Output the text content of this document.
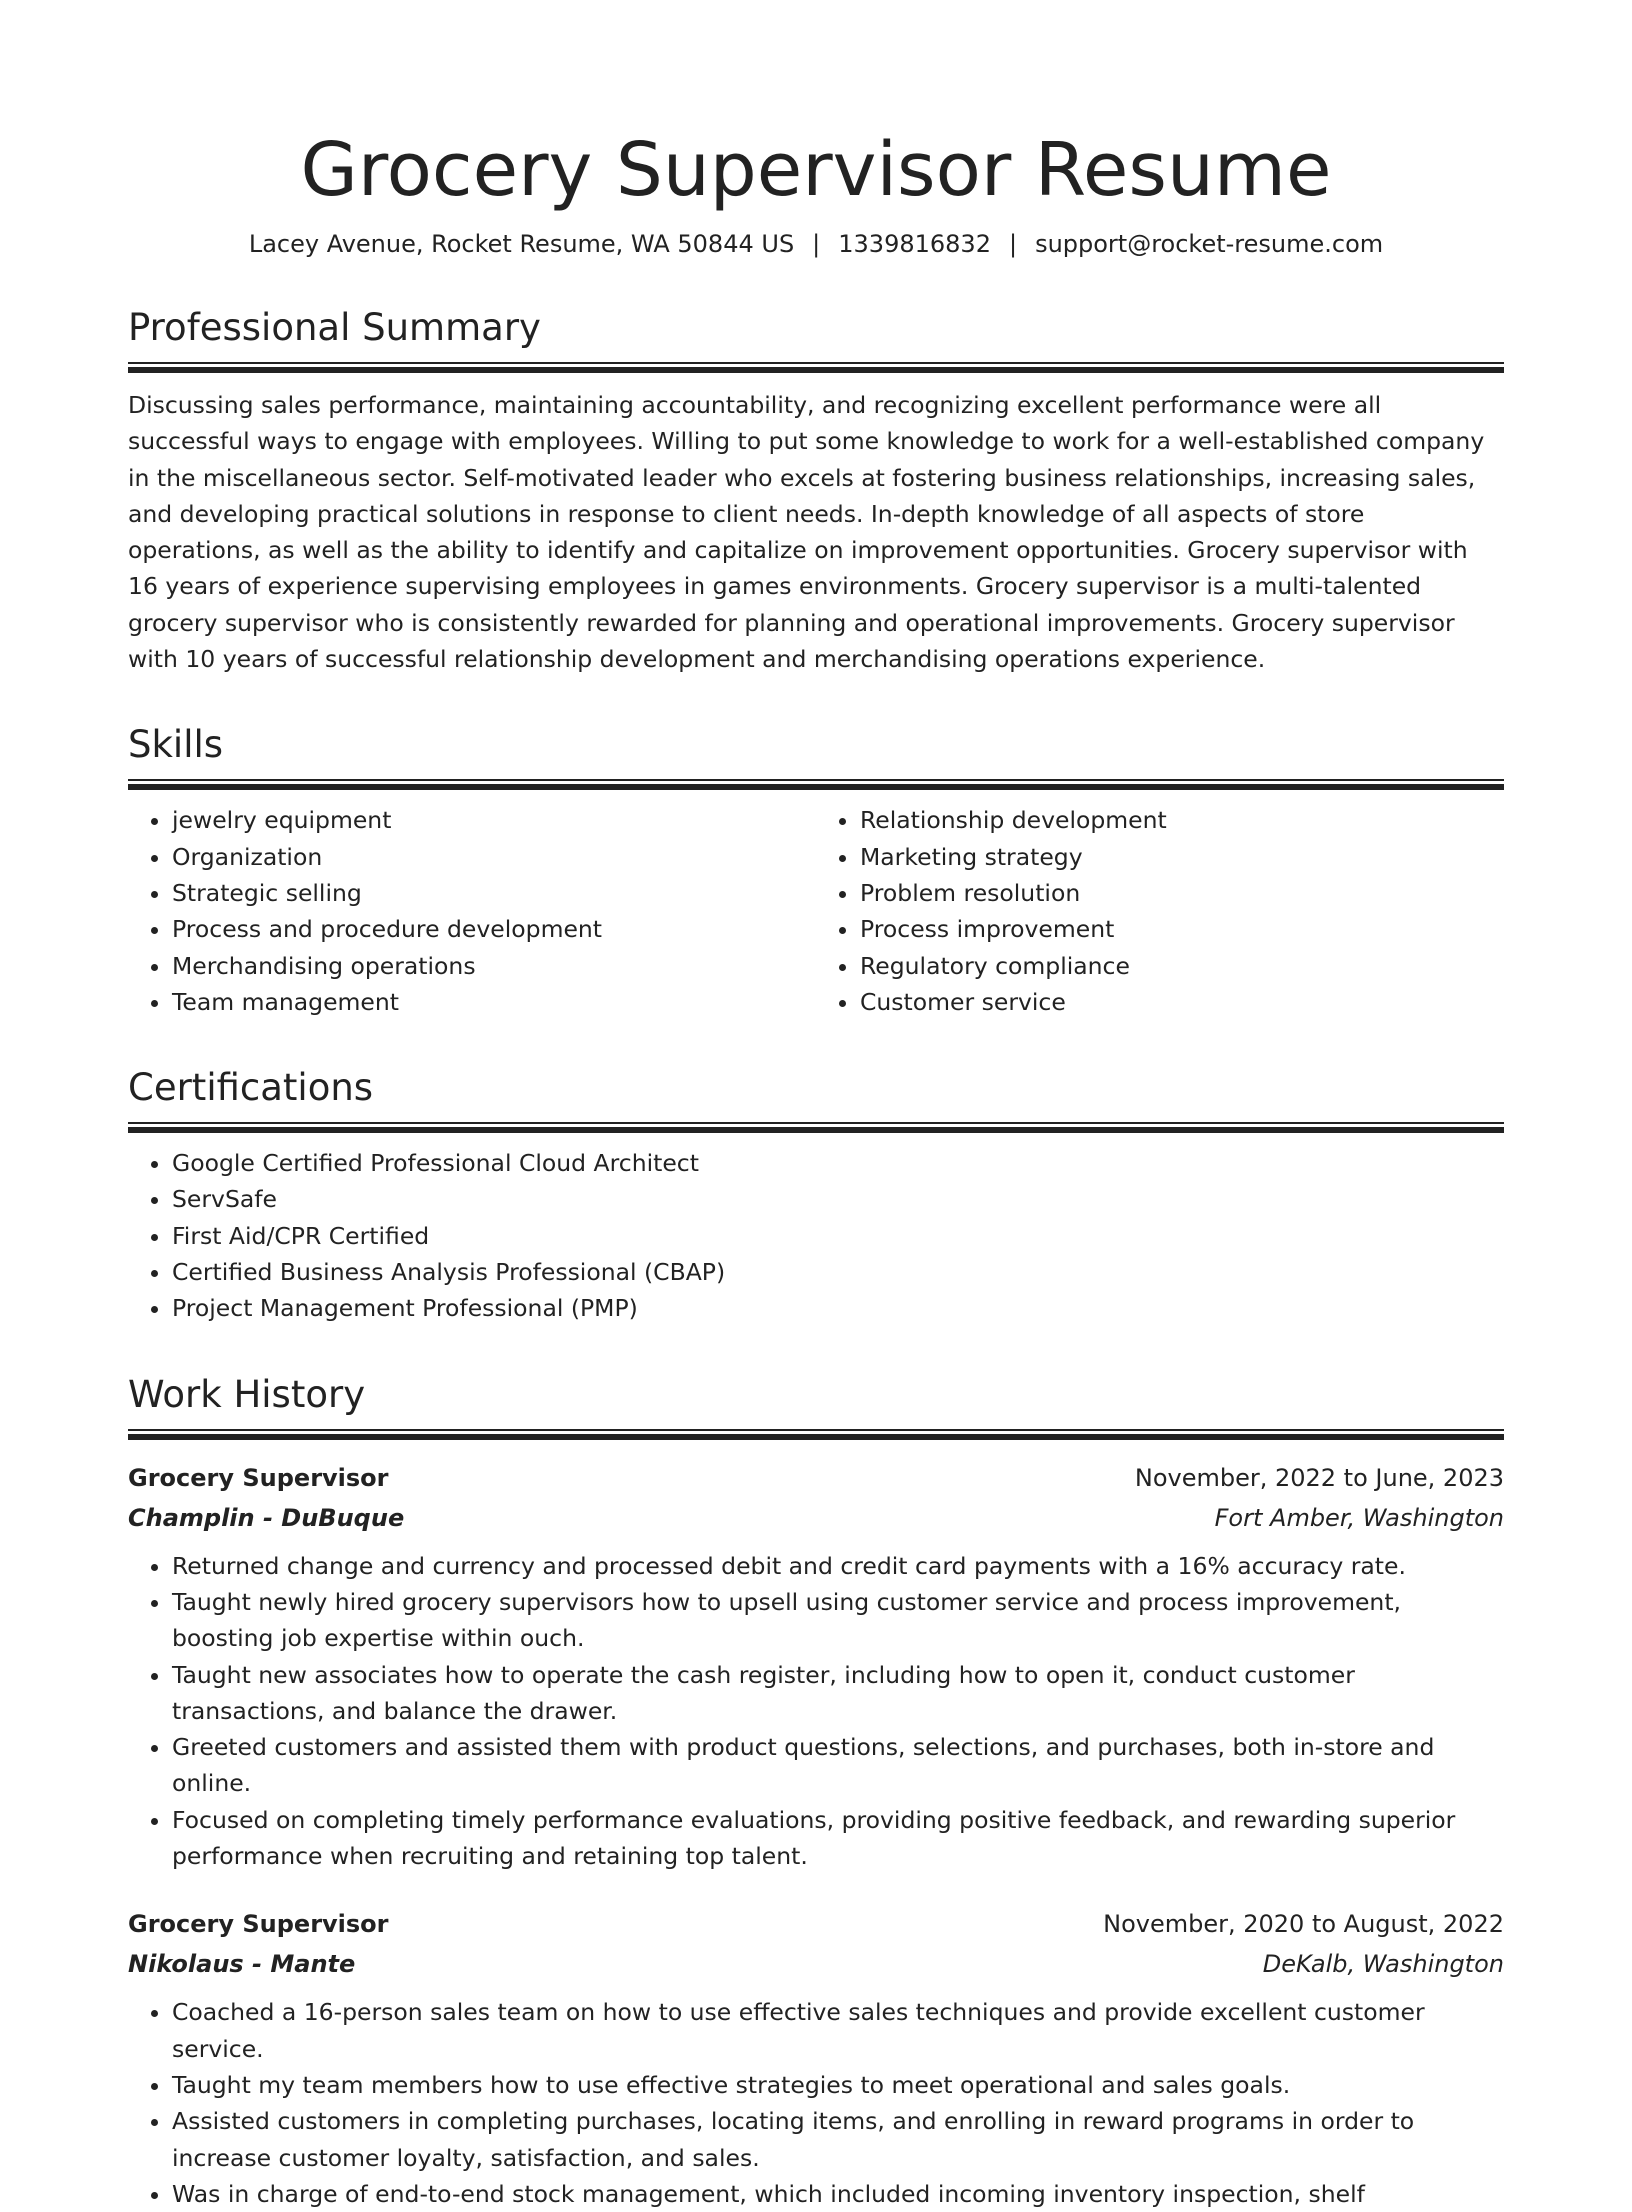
Grocery Supervisor Resume
Lacey Avenue, Rocket Resume, WA 50844 US | 1339816832 | support@rocket-resume.com
Professional Summary

Discussing sales performance, maintaining accountability, and recognizing excellent performance were all successful ways to engage with employees. Willing to put some knowledge to work for a well-established company in the miscellaneous sector. Self-motivated leader who excels at fostering business relationships, increasing sales, and developing practical solutions in response to client needs. In-depth knowledge of all aspects of store operations, as well as the ability to identify and capitalize on improvement opportunities. Grocery supervisor with 16 years of experience supervising employees in games environments. Grocery supervisor is a multi-talented grocery supervisor who is consistently rewarded for planning and operational improvements. Grocery supervisor with 10 years of successful relationship development and merchandising operations experience.

Skills
• jewelry equipment
• Organization
• Strategic selling
• Process and procedure development
• Merchandising operations
• Team management
• Relationship development
• Marketing strategy
• Problem resolution
• Process improvement
• Regulatory compliance
• Customer service
Certifications
• Google Certified Professional Cloud Architect
• ServSafe
• First Aid/CPR Certified
• Certified Business Analysis Professional (CBAP)
• Project Management Professional (PMP)
Work History
Grocery Supervisor	November, 2022 to June, 2023
Champlin - DuBuque	Fort Amber, Washington
• Returned change and currency and processed debit and credit card payments with a 16% accuracy rate.
• Taught newly hired grocery supervisors how to upsell using customer service and process improvement, boosting job expertise within ouch.
• Taught new associates how to operate the cash register, including how to open it, conduct customer transactions, and balance the drawer.
• Greeted customers and assisted them with product questions, selections, and purchases, both in-store and online.
• Focused on completing timely performance evaluations, providing positive feedback, and rewarding superior performance when recruiting and retaining top talent.
Grocery Supervisor	November, 2020 to August, 2022
Nikolaus - Mante	DeKalb, Washington
• Coached a 16-person sales team on how to use effective sales techniques and provide excellent customer service.
• Taught my team members how to use effective strategies to meet operational and sales goals.
• Assisted customers in completing purchases, locating items, and enrolling in reward programs in order to increase customer loyalty, satisfaction, and sales.
• Was in charge of end-to-end stock management, which included incoming inventory inspection, shelf
